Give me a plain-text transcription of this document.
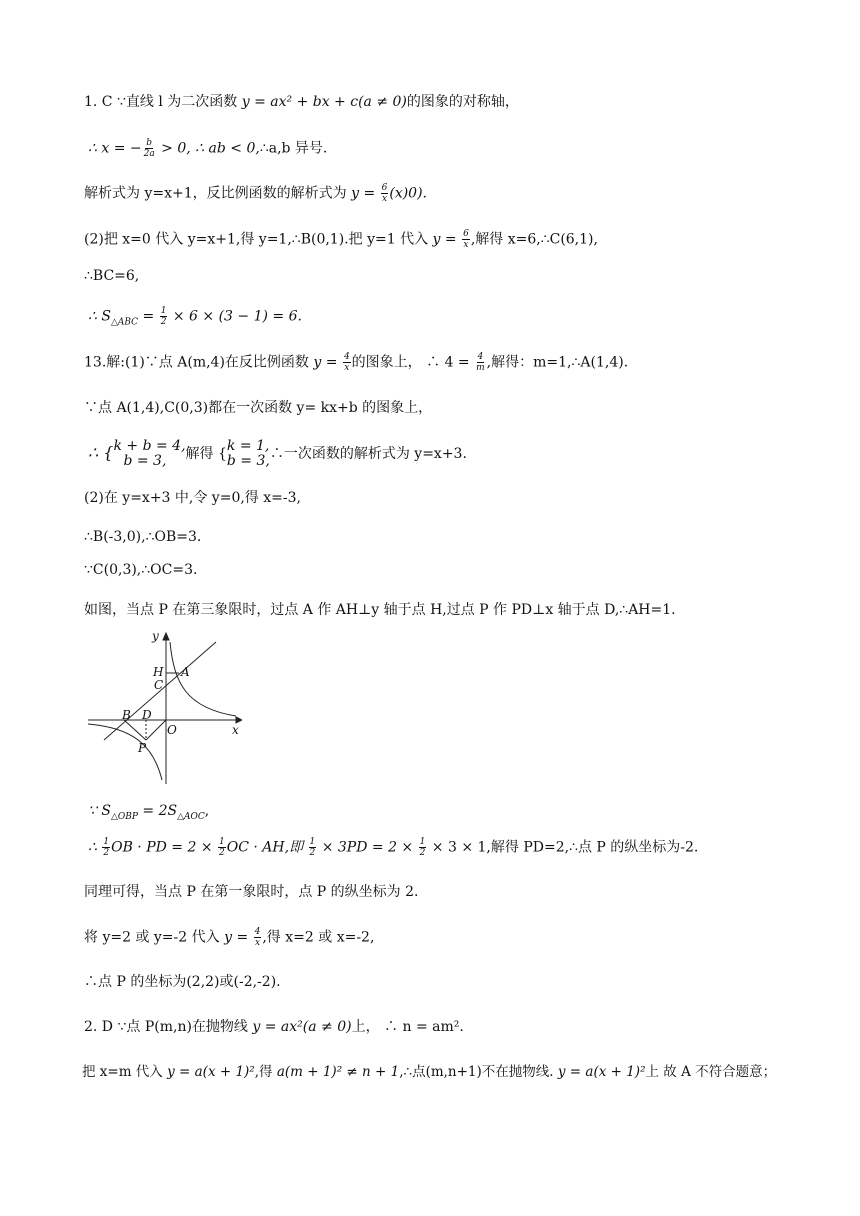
1. C ∵直线 l 为二次函数 y = ax² + bx + c(a ≠ 0)的图象的对称轴，
∴ x = − $\frac{b}{2a} > 0$, ∴ ab < 0,∴a,b 异号.
解析式为 y=x+1，反比例函数的解析式为 $y = \frac{6}{x} (x)0$).
(2)把 x=0 代入 y=x+1,得 y=1,∴B(0,1).把 y=1 代入 $y = \frac{6}{x}$ ,解得 x=6,∴C(6,1),
∴BC=6,
∴ $S_{\triangle ABC} = \frac{1}{2} \times 6 \times (3 - 1) = 6$.
13.解:(1)∵点 A(m,4)在反比例函数 $y = \frac{4}{x}$ 的图象上， ∴ $4 = \frac{4}{m}$ ,解得：m=1,∴A(1,4).
∵点 A(1,4),C(0,3)都在一次函数 y= kx+b 的图象上，
∴ { k + b = 4,
b = 3,	解得 { k = 1,
b = 3, ∴一次函数的解析式为 y=x+3.
(2)在 y=x+3 中,令 y=0,得 x=-3,
∴B(-3,0),∴OB=3.
∵C(0,3),∴OC=3.
如图，当点 P 在第三象限时，过点 A 作 AH⊥y 轴于点 H,过点 P 作 PD⊥x 轴于点 D,∴AH=1.
y
x
H A
C
B D
O
P
∵ $S_{\triangle OBP} = 2S_{\triangle AOC}$,
∴ $\frac{1}{2}$ OB · PD = $2 \times \frac{1}{2}$ OC · AH,即 $\frac{1}{2} \times 3PD = 2 \times \frac{1}{2} \times 3 \times 1$,解得 PD=2,∴点 P 的纵坐标为-2.
同理可得，当点 P 在第一象限时，点 P 的纵坐标为 2.
将 y=2 或 y=-2 代入 $y = \frac{4}{x}$ ,得 x=2 或 x=-2,
∴点 P 的坐标为(2,2)或(-2,-2).
2. D ∵点 P(m,n)在抛物线 y = ax²(a ≠ 0)上， ∴ n = am².
把 x=m 代入 y = a(x + 1)²,得 a(m + 1)² ≠ n + 1,∴点(m,n+1)不在抛物线. y = a(x + 1)²上 故 A 不符合题意；
